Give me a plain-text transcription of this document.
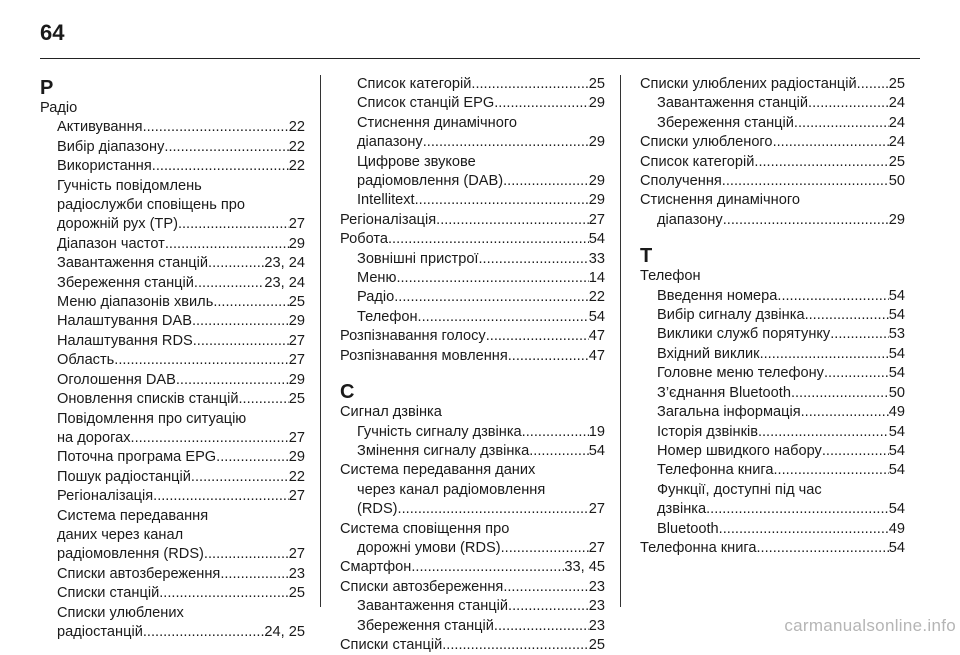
64
Р
Радіо
Активування .....	22
Вибір діапазону .....	22
Використання .....	22
Гучність повідомлень
радіослужби сповіщень про
дорожній рух (TP) .....	27
Діапазон частот .....	29
Завантаження станцій .....	23, 24
Збереження станцій .....	23, 24
Меню діапазонів хвиль .....	25
Налаштування DAB .....	29
Налаштування RDS .....	27
Область .....	27
Оголошення DAB .....	29
Оновлення списків станцій .....	25
Повідомлення про ситуацію
на дорогах .....	27
Поточна програма EPG .....	29
Пошук радіостанцій .....	22
Регіоналізація .....	27
Система передавання
даних через канал
радіомовлення (RDS) .....	27
Списки автозбереження .....	23
Списки станцій .....	25
Списки улюблених
радіостанцій .....	24, 25
Список категорій .....	25
Список станцій EPG .....	29
Стиснення динамічного
діапазону .....	29
Цифрове звукове
радіомовлення (DAB) .....	29
Intellitext .....	29
Регіоналізація .....	27
Робота .....	54
Зовнішні пристрої .....	33
Меню .....	14
Радіо .....	22
Телефон .....	54
Розпізнавання голосу .....	47
Розпізнавання мовлення .....	47
С
Сигнал дзвінка
Гучність сигналу дзвінка .....	19
Змінення сигналу дзвінка .....	54
Система передавання даних
через канал радіомовлення
(RDS) .....	27
Система сповіщення про
дорожні умови (RDS) .....	27
Смартфон .....	33, 45
Списки автозбереження .....	23
Завантаження станцій .....	23
Збереження станцій .....	23
Списки станцій .....	25
Списки улюблених радіостанцій ..... 25
Завантаження станцій .....	24
Збереження станцій .....	24
Списки улюбленого .....	24
Список категорій .....	25
Сполучення .....	50
Стиснення динамічного
діапазону .....	29
Т
Телефон
Введення номера .....	54
Вибір сигналу дзвінка .....	54
Виклики служб порятунку .....	53
Вхідний виклик .....	54
Головне меню телефону .....	54
З’єднання Bluetooth .....	50
Загальна інформація .....	49
Історія дзвінків .....	54
Номер швидкого набору .....	54
Телефонна книга .....	54
Функції, доступні під час
дзвінка .....	54
Bluetooth .....	49
Телефонна книга .....	54
carmanualsonline.info
